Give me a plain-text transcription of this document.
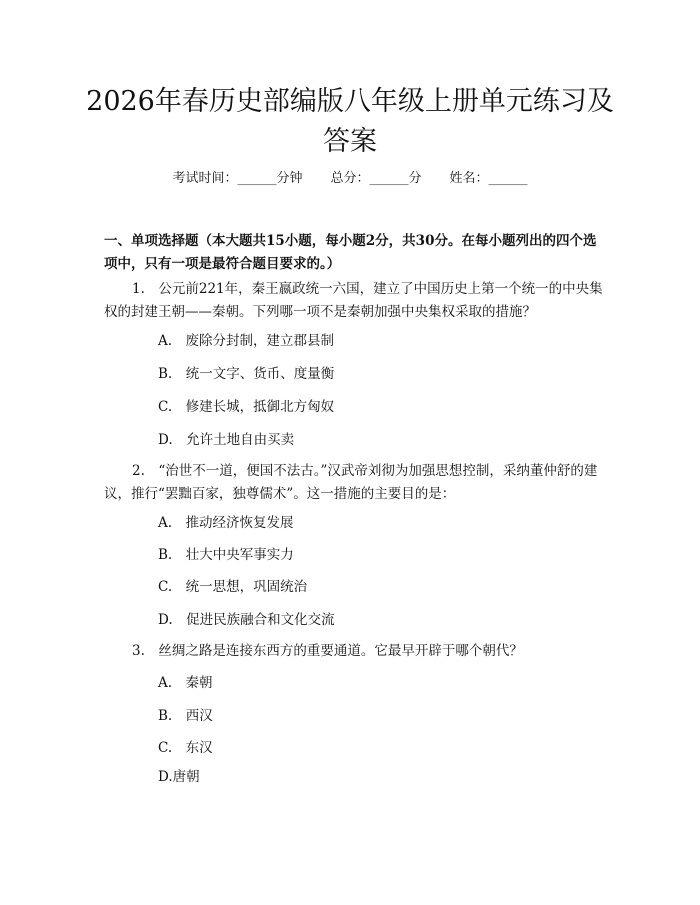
2026年春历史部编版八年级上册单元练习及答案
考试时间：______分钟 总分：______分 姓名：______
一、单项选择题（本大题共15小题，每小题2分，共30分。在每小题列出的四个选项中，只有一项是最符合题目要求的。）
1.　公元前221年，秦王嬴政统一六国，建立了中国历史上第一个统一的中央集权的封建王朝——秦朝。下列哪一项不是秦朝加强中央集权采取的措施？
A.　废除分封制，建立郡县制
B.　统一文字、货币、度量衡
C.　修建长城，抵御北方匈奴
D.　允许土地自由买卖
2.　“治世不一道，便国不法古。”汉武帝刘彻为加强思想控制，采纳董仲舒的建议，推行“罢黜百家，独尊儒术”。这一措施的主要目的是：
A.　推动经济恢复发展
B.　壮大中央军事实力
C.　统一思想，巩固统治
D.　促进民族融合和文化交流
3.　丝绸之路是连接东西方的重要通道。它最早开辟于哪个朝代？
A.　秦朝
B.　西汉
C.　东汉
D.唐朝
